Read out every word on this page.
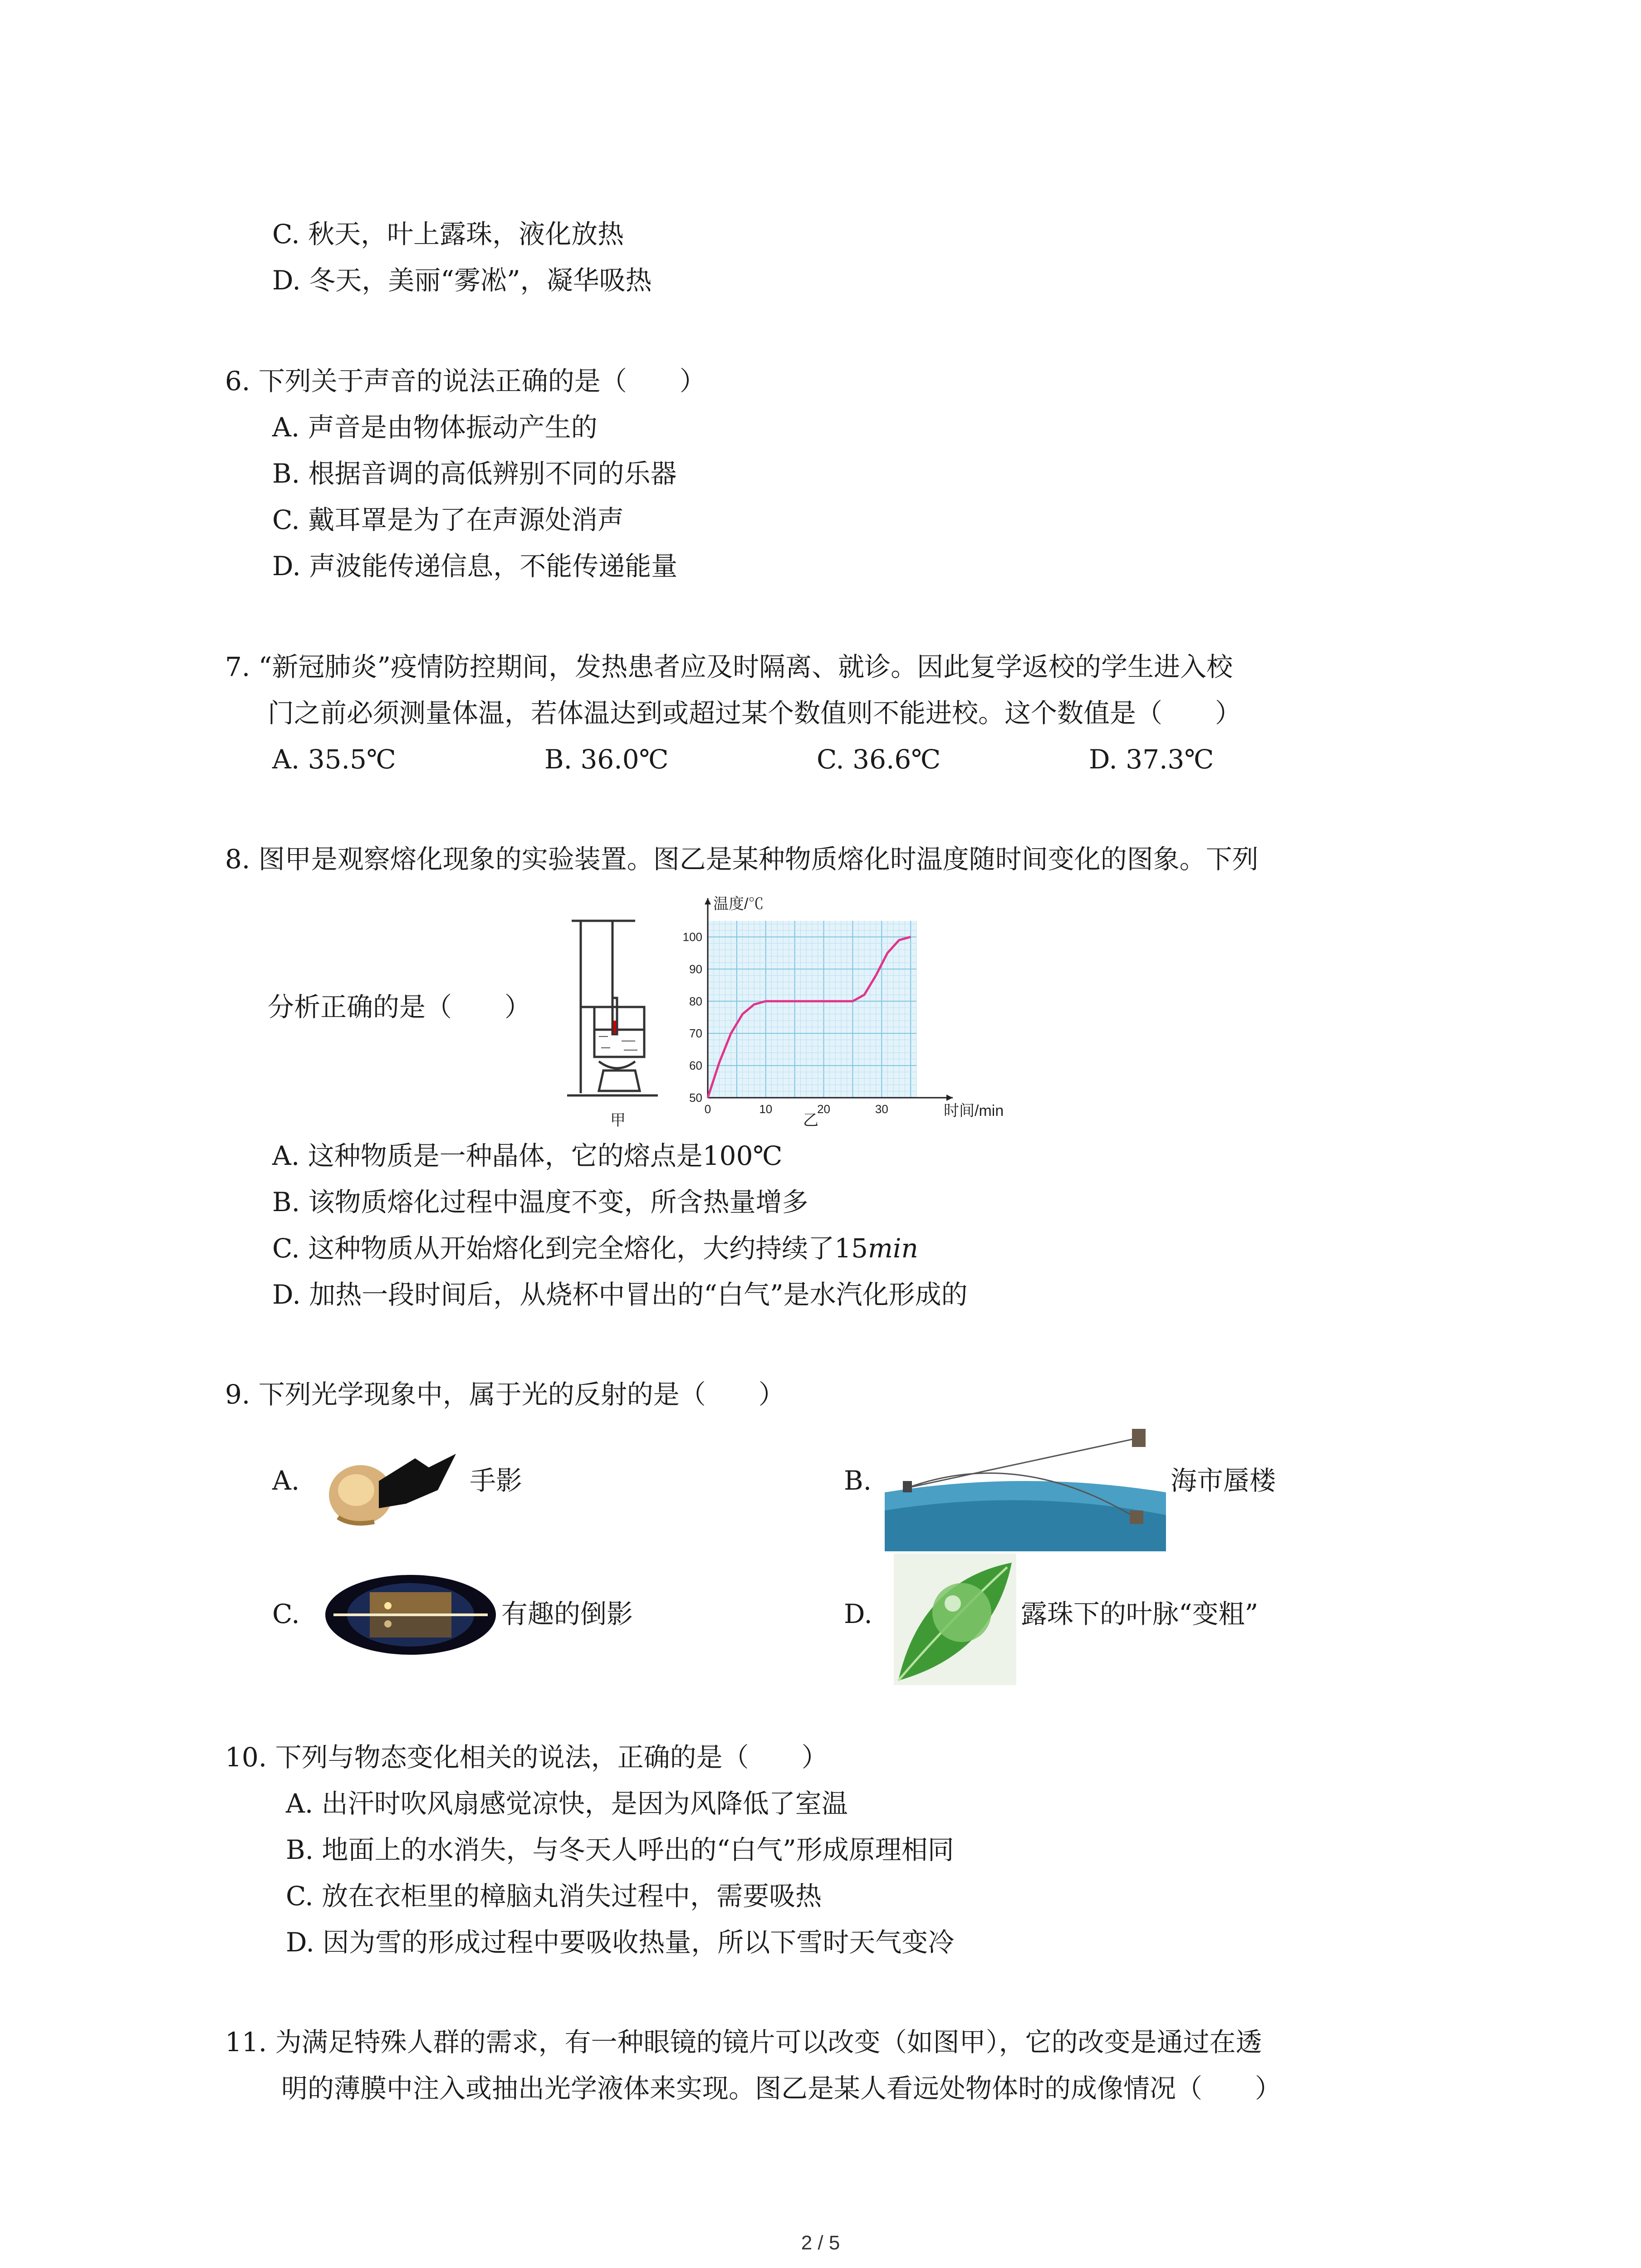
C. 秋天，叶上露珠，液化放热
D. 冬天，美丽“雾凇”，凝华吸热
6. 下列关于声音的说法正确的是（　　）
A. 声音是由物体振动产生的
B. 根据音调的高低辨别不同的乐器
C. 戴耳罩是为了在声源处消声
D. 声波能传递信息，不能传递能量
7. “新冠肺炎”疫情防控期间，发热患者应及时隔离、就诊。因此复学返校的学生进入校
门之前必须测量体温，若体温达到或超过某个数值则不能进校。这个数值是（　　）
A. 35.5℃	B. 36.0℃	C. 36.6℃	D. 37.3℃
8. 图甲是观察熔化现象的实验装置。图乙是某种物质熔化时温度随时间变化的图象。下列
分析正确的是（　　）
甲
0	10	20	30
50
60
70
80
90
100
温度/℃
时间/min
乙
A. 这种物质是一种晶体，它的熔点是100℃
B. 该物质熔化过程中温度不变，所含热量增多
C. 这种物质从开始熔化到完全熔化，大约持续了15min
D. 加热一段时间后，从烧杯中冒出的“白气”是水汽化形成的
9. 下列光学现象中，属于光的反射的是（　　）
A.	手影	B.	海市蜃楼
C.	有趣的倒影	D.	露珠下的叶脉“变粗”
10. 下列与物态变化相关的说法，正确的是（　　）
A. 出汗时吹风扇感觉凉快，是因为风降低了室温
B. 地面上的水消失，与冬天人呼出的“白气”形成原理相同
C. 放在衣柜里的樟脑丸消失过程中，需要吸热
D. 因为雪的形成过程中要吸收热量，所以下雪时天气变冷
11. 为满足特殊人群的需求，有一种眼镜的镜片可以改变（如图甲），它的改变是通过在透
明的薄膜中注入或抽出光学液体来实现。图乙是某人看远处物体时的成像情况（　　）
2 / 5
